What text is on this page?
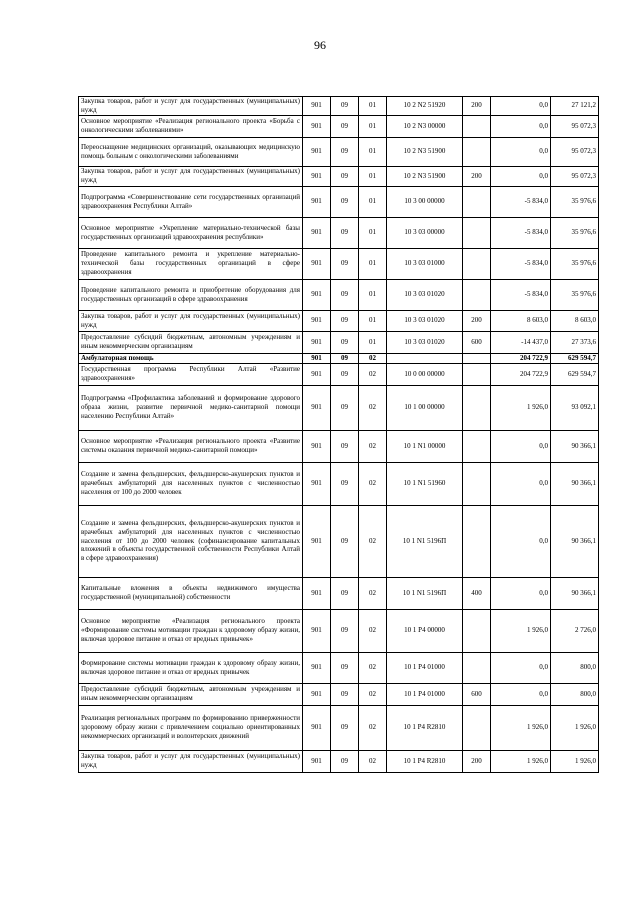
96
Закупка товаров, работ и услуг для государственных (муниципальных) нужд	901	09	01	10 2 N2 51920	200	0,0	27 121,2
Основное мероприятие «Реализация регионального проекта «Борьба с онкологическими заболеваниями»	901	09	01	10 2 N3 00000		0,0	95 072,3
Переоснащение медицинских организаций, оказывающих медицинскую помощь больным с онкологическими заболеваниями	901	09	01	10 2 N3 51900		0,0	95 072,3
Закупка товаров, работ и услуг для государственных (муниципальных) нужд	901	09	01	10 2 N3 51900	200	0,0	95 072,3
Подпрограмма «Совершенствование сети государственных организаций здравоохранения Республики Алтай»	901	09	01	10 3 00 00000		-5 834,0	35 976,6
Основное мероприятие «Укрепление материально-технической базы государственных организаций здравоохранения республики»	901	09	01	10 3 03 00000		-5 834,0	35 976,6
Проведение капитального ремонта и укрепление материально-технической базы государственных организаций в сфере здравоохранения	901	09	01	10 3 03 01000		-5 834,0	35 976,6
Проведение капитального ремонта и приобретение оборудования для государственных организаций в сфере здравоохранения	901	09	01	10 3 03 01020		-5 834,0	35 976,6
Закупка товаров, работ и услуг для государственных (муниципальных) нужд	901	09	01	10 3 03 01020	200	8 603,0	8 603,0
Предоставление субсидий бюджетным, автономным учреждениям и иным некоммерческим организациям	901	09	01	10 3 03 01020	600	-14 437,0	27 373,6
Амбулаторная помощь	901	09	02			204 722,9	629 594,7
Государственная программа Республики Алтай «Развитие здравоохранения»	901	09	02	10 0 00 00000		204 722,9	629 594,7
Подпрограмма «Профилактика заболеваний и формирование здорового образа жизни, развитие первичной медико-санитарной помощи населению Республики Алтай»	901	09	02	10 1 00 00000		1 926,0	93 092,1
Основное мероприятие «Реализация регионального проекта «Развитие системы оказания первичной медико-санитарной помощи»	901	09	02	10 1 N1 00000		0,0	90 366,1
Создание и замена фельдшерских, фельдшерско-акушерских пунктов и врачебных амбулаторий для населенных пунктов с численностью населения от 100 до 2000 человек	901	09	02	10 1 N1 51960		0,0	90 366,1
Создание и замена фельдшерских, фельдшерско-акушерских пунктов и врачебных амбулаторий для населенных пунктов с численностью населения от 100 до 2000 человек (софинансирование капитальных вложений в объекты государственной собственности Республики Алтай в сфере здравоохранения)	901	09	02	10 1 N1 5196П		0,0	90 366,1
Капитальные вложения в объекты недвижимого имущества государственной (муниципальной) собственности	901	09	02	10 1 N1 5196П	400	0,0	90 366,1
Основное мероприятие «Реализация регионального проекта «Формирование системы мотивации граждан к здоровому образу жизни, включая здоровое питание и отказ от вредных привычек»	901	09	02	10 1 P4 00000		1 926,0	2 726,0
Формирование системы мотивации граждан к здоровому образу жизни, включая здоровое питание и отказ от вредных привычек	901	09	02	10 1 P4 01000		0,0	800,0
Предоставление субсидий бюджетным, автономным учреждениям и иным некоммерческим организациям	901	09	02	10 1 P4 01000	600	0,0	800,0
Реализация региональных программ по формированию приверженности здоровому образу жизни с привлечением социально ориентированных некоммерческих организаций и волонтерских движений	901	09	02	10 1 P4 R2810		1 926,0	1 926,0
Закупка товаров, работ и услуг для государственных (муниципальных) нужд	901	09	02	10 1 P4 R2810	200	1 926,0	1 926,0
